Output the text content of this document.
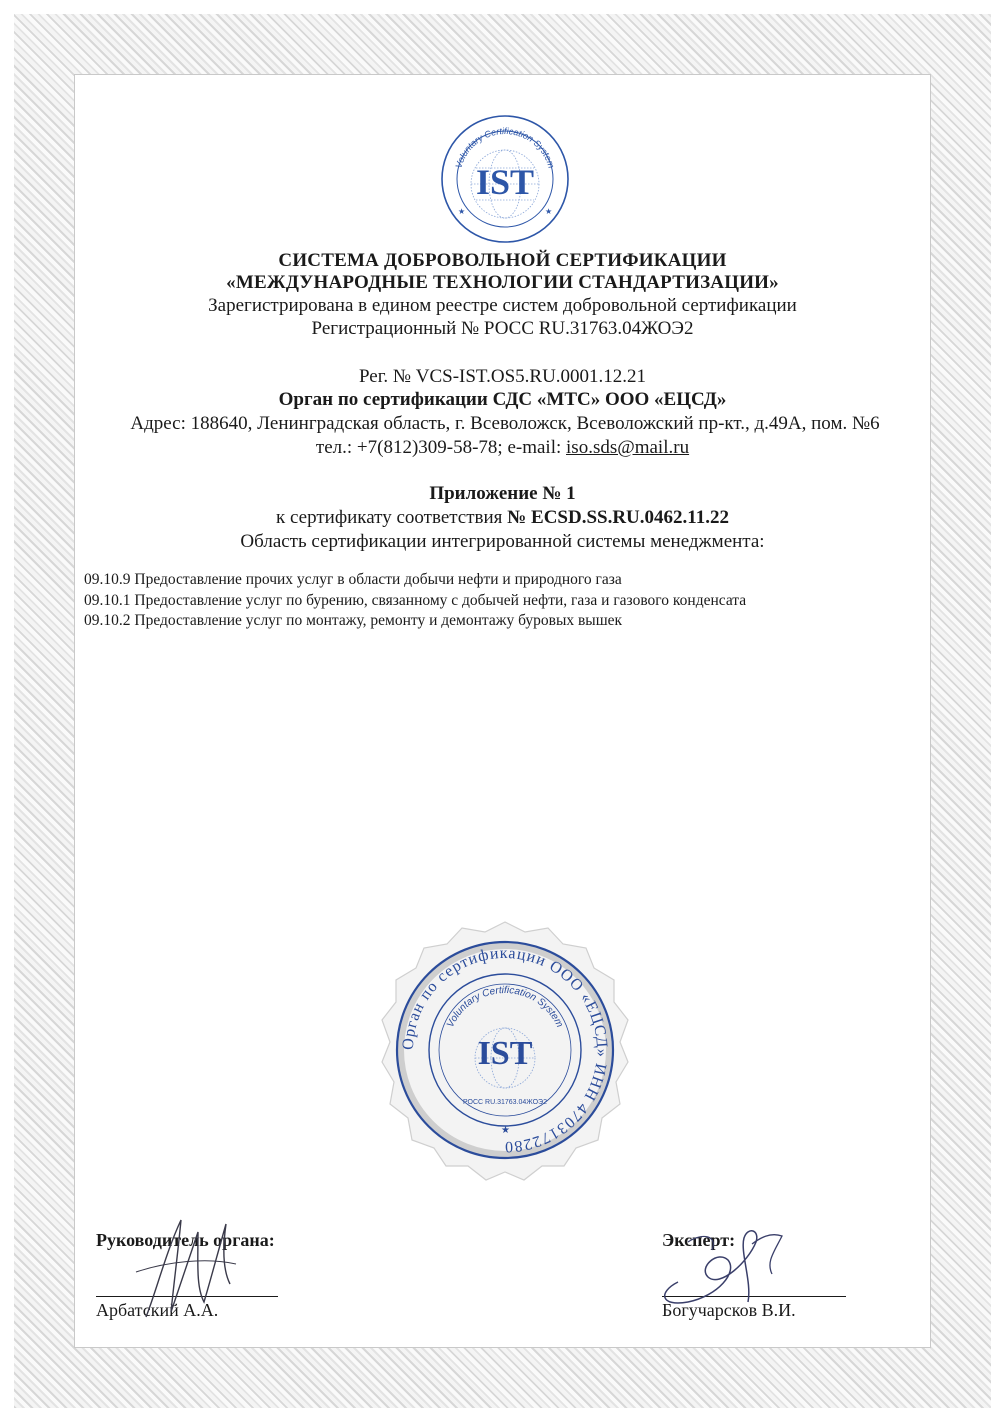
Voluntary Certification System
IST
★	★
СИСТЕМА ДОБРОВОЛЬНОЙ СЕРТИФИКАЦИИ
«МЕЖДУНАРОДНЫЕ ТЕХНОЛОГИИ СТАНДАРТИЗАЦИИ»
Зарегистрирована в едином реестре систем добровольной сертификации
Регистрационный № РОСС RU.31763.04ЖОЭ2
Рег. № VCS-IST.OS5.RU.0001.12.21
Орган по сертификации СДС «МТС» ООО «ЕЦСД»
Адрес: 188640, Ленинградская область, г. Всеволожск, Всеволожский пр-кт., д.49А, пом. №6
тел.: +7(812)309-58-78; e-mail: iso.sds@mail.ru
Приложение № 1
к сертификату соответствия № ECSD.SS.RU.0462.11.22
Область сертификации интегрированной системы менеджмента:
09.10.9 Предоставление прочих услуг в области добычи нефти и природного газа
09.10.1 Предоставление услуг по бурению, связанному с добычей нефти, газа и газового конденсата
09.10.2 Предоставление услуг по монтажу, ремонту и демонтажу буровых вышек
Орган по сертификации ООО «ЕЦСД» ИНН 4703172280
Voluntary Certification System
IST
РОСС RU.31763.04ЖОЭ2
★
Руководитель органа:
Арбатский А.А.
Эксперт:
Богучарсков В.И.
